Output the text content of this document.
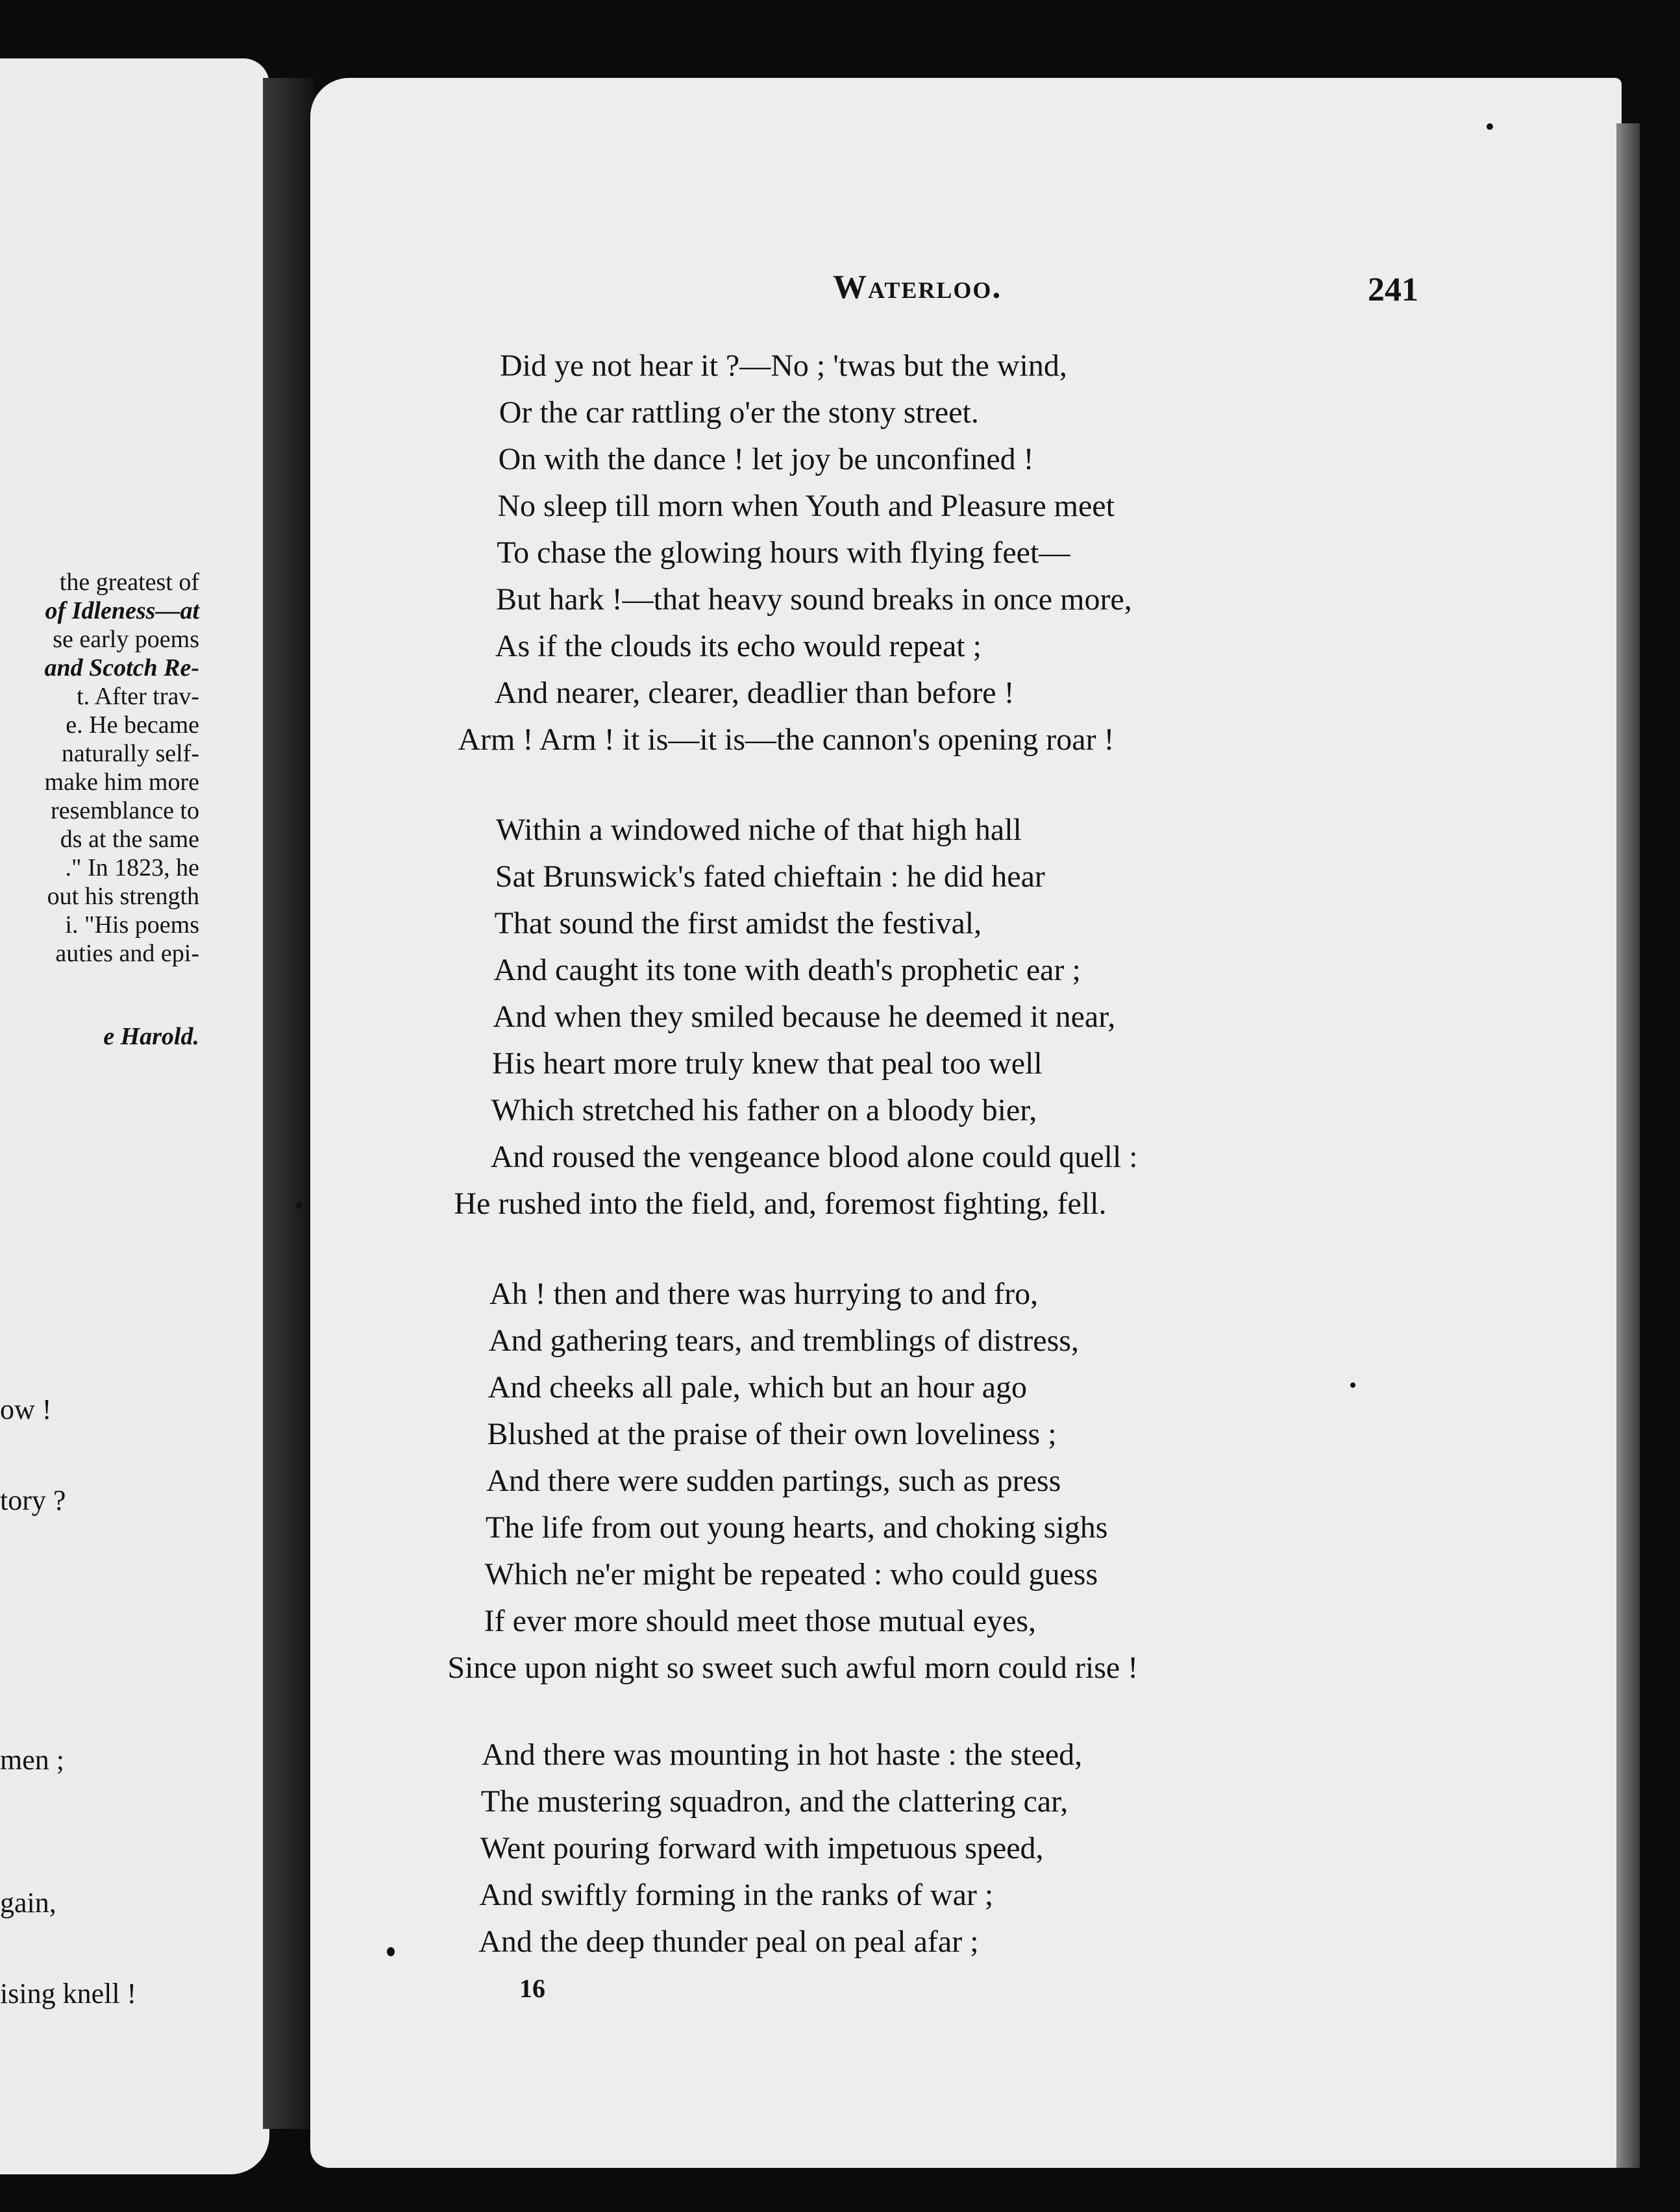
the greatest of
of Idleness—at
se early poems
and Scotch Re-
t. After trav-
e. He became
naturally self-
make him more
resemblance to
ds at the same
." In 1823, he
out his strength
i. "His poems
auties and epi-
e Harold.
ow !
tory ?
men ;
gain,
ising knell !
Waterloo.	241
Did ye not hear it ?—No ; 'twas but the wind,
Or the car rattling o'er the stony street.
On with the dance ! let joy be unconfined !
No sleep till morn when Youth and Pleasure meet
To chase the glowing hours with flying feet—
But hark !—that heavy sound breaks in once more,
As if the clouds its echo would repeat ;
And nearer, clearer, deadlier than before !
Arm ! Arm ! it is—it is—the cannon's opening roar !
Within a windowed niche of that high hall
Sat Brunswick's fated chieftain : he did hear
That sound the first amidst the festival,
And caught its tone with death's prophetic ear ;
And when they smiled because he deemed it near,
His heart more truly knew that peal too well
Which stretched his father on a bloody bier,
And roused the vengeance blood alone could quell :
He rushed into the field, and, foremost fighting, fell.
Ah ! then and there was hurrying to and fro,
And gathering tears, and tremblings of distress,
And cheeks all pale, which but an hour ago
Blushed at the praise of their own loveliness ;
And there were sudden partings, such as press
The life from out young hearts, and choking sighs
Which ne'er might be repeated : who could guess
If ever more should meet those mutual eyes,
Since upon night so sweet such awful morn could rise !
And there was mounting in hot haste : the steed,
The mustering squadron, and the clattering car,
Went pouring forward with impetuous speed,
And swiftly forming in the ranks of war ;
And the deep thunder peal on peal afar ;
16
